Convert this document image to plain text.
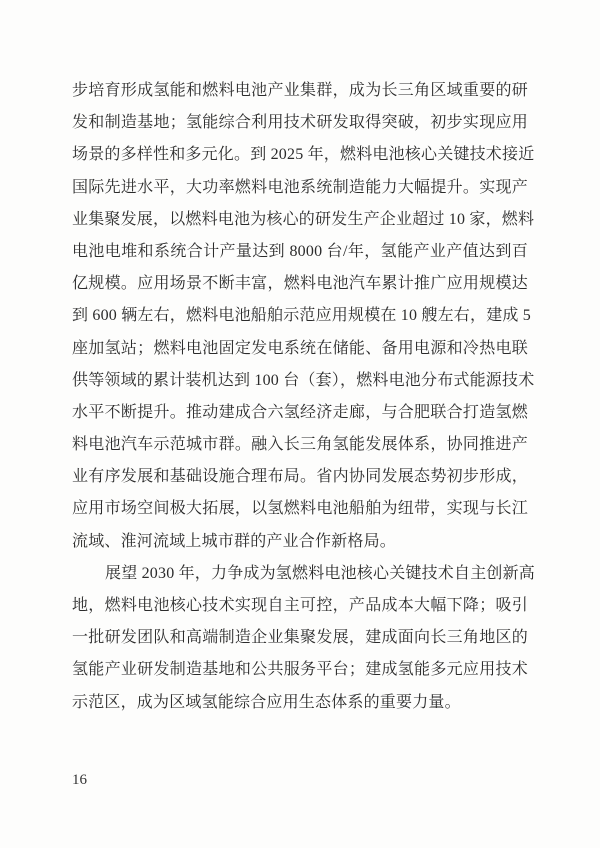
步培育形成氢能和燃料电池产业集群，成为长三角区域重要的研
发和制造基地；氢能综合利用技术研发取得突破，初步实现应用
场景的多样性和多元化。到 2025 年，燃料电池核心关键技术接近
国际先进水平，大功率燃料电池系统制造能力大幅提升。实现产
业集聚发展，以燃料电池为核心的研发生产企业超过 10 家，燃料
电池电堆和系统合计产量达到 8000 台/年，氢能产业产值达到百
亿规模。应用场景不断丰富，燃料电池汽车累计推广应用规模达
到 600 辆左右，燃料电池船舶示范应用规模在 10 艘左右，建成 5
座加氢站；燃料电池固定发电系统在储能、备用电源和冷热电联
供等领域的累计装机达到 100 台（套），燃料电池分布式能源技术
水平不断提升。推动建成合六氢经济走廊，与合肥联合打造氢燃
料电池汽车示范城市群。融入长三角氢能发展体系，协同推进产
业有序发展和基础设施合理布局。省内协同发展态势初步形成，
应用市场空间极大拓展，以氢燃料电池船舶为纽带，实现与长江
流域、淮河流域上城市群的产业合作新格局。
展望 2030 年，力争成为氢燃料电池核心关键技术自主创新高
地，燃料电池核心技术实现自主可控，产品成本大幅下降；吸引
一批研发团队和高端制造企业集聚发展，建成面向长三角地区的
氢能产业研发制造基地和公共服务平台；建成氢能多元应用技术
示范区，成为区域氢能综合应用生态体系的重要力量。
16
